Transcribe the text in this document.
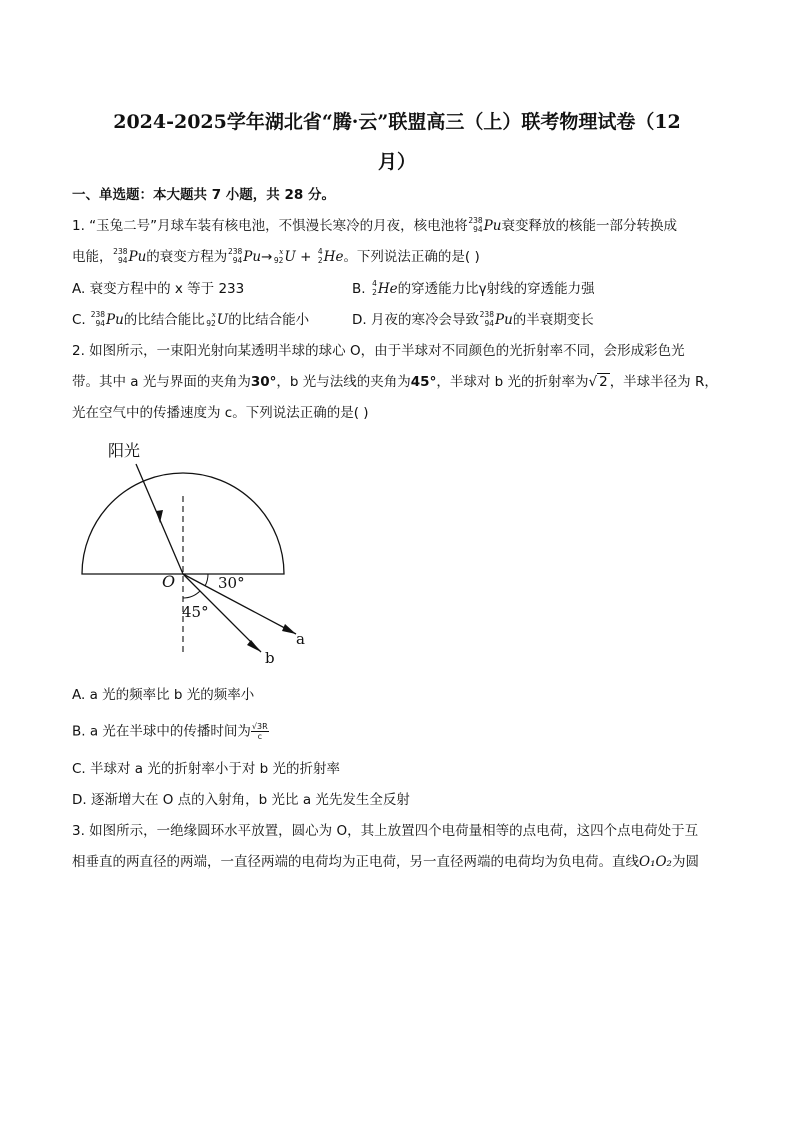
2024-2025学年湖北省“腾·云”联盟高三（上）联考物理试卷（12
月）
一、单选题：本大题共 7 小题，共 28 分。
1. “玉兔二号”月球车装有核电池，不惧漫长寒冷的月夜，核电池将 238
94 Pu衰变释放的核能一部分转换成
电能， 238
94 Pu的衰变方程为 238
94 Pu→ x
92 U + 4
2 He。下列说法正确的是( )
A. 衰变方程中的 x 等于 233	B. 4
2 He的穿透能力比γ射线的穿透能力强
C. 238
94 Pu的比结合能比 x
92 U的比结合能小	D. 月夜的寒冷会导致 238
94 Pu的半衰期变长
2. 如图所示，一束阳光射向某透明半球的球心 O，由于半球对不同颜色的光折射率不同，会形成彩色光
带。其中 a 光与界面的夹角为30°，b 光与法线的夹角为45°，半球对 b 光的折射率为√ 2 ，半球半径为 R，
光在空气中的传播速度为 c。下列说法正确的是( )
阳光
O	30°
45°
a
b
A. a 光的频率比 b 光的频率小
B. a 光在半球中的传播时间为 $\frac{√3R}{c}$
C. 半球对 a 光的折射率小于对 b 光的折射率
D. 逐渐增大在 O 点的入射角，b 光比 a 光先发生全反射
3. 如图所示，一绝缘圆环水平放置，圆心为 O，其上放置四个电荷量相等的点电荷，这四个点电荷处于互
相垂直的两直径的两端，一直径两端的电荷均为正电荷，另一直径两端的电荷均为负电荷。直线O₁O₂为圆
